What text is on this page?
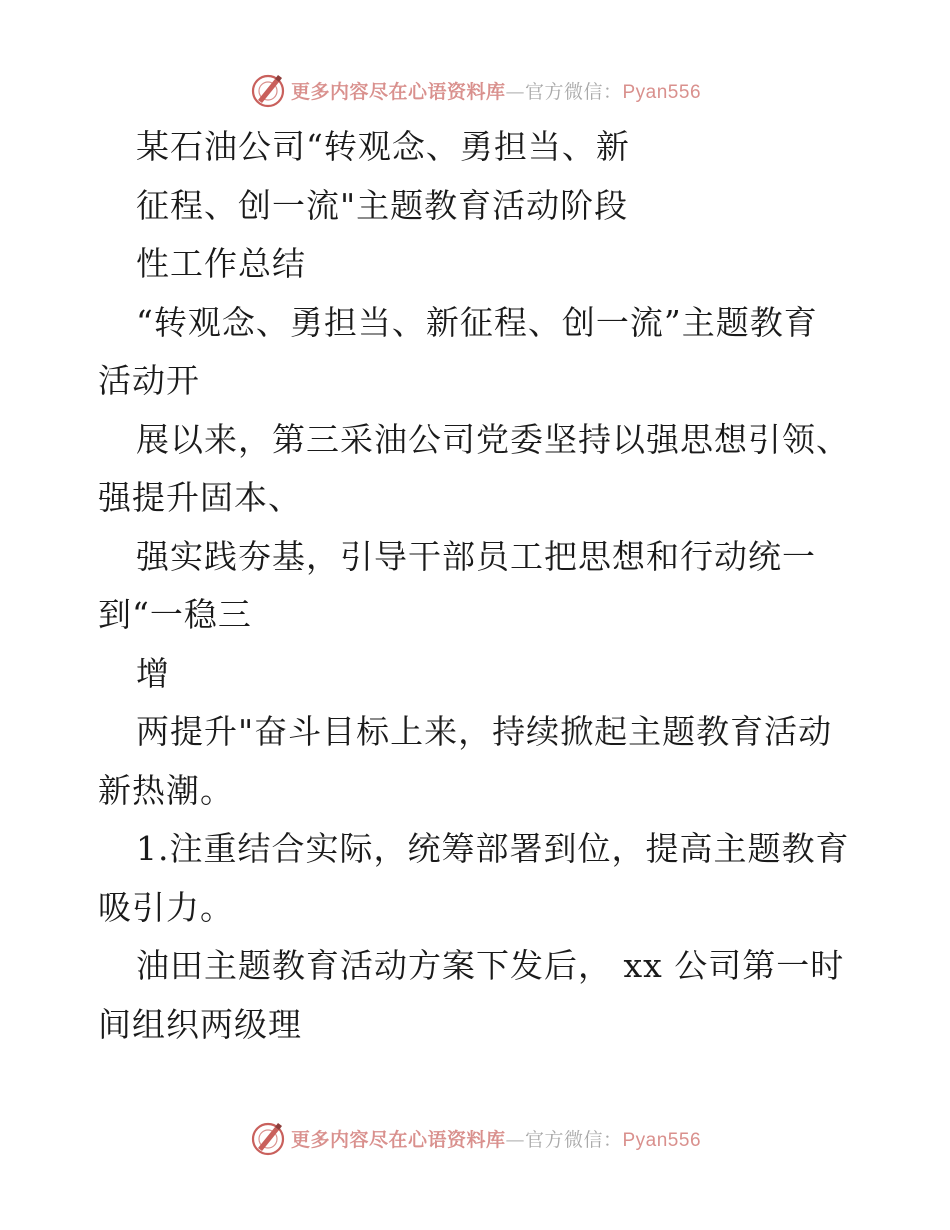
更多内容尽在心语资料库—官方微信：Pyan556
某石油公司“转观念、勇担当、新
征程、创一流"主题教育活动阶段
性工作总结
“转观念、勇担当、新征程、创一流”主题教育
活动开
展以来，第三采油公司党委坚持以强思想引领、
强提升固本、
强实践夯基，引导干部员工把思想和行动统一
到“一稳三
增
两提升"奋斗目标上来，持续掀起主题教育活动
新热潮。
1.注重结合实际，统筹部署到位，提高主题教育
吸引力。
油田主题教育活动方案下发后， xx 公司第一时
间组织两级理
更多内容尽在心语资料库—官方微信：Pyan556
